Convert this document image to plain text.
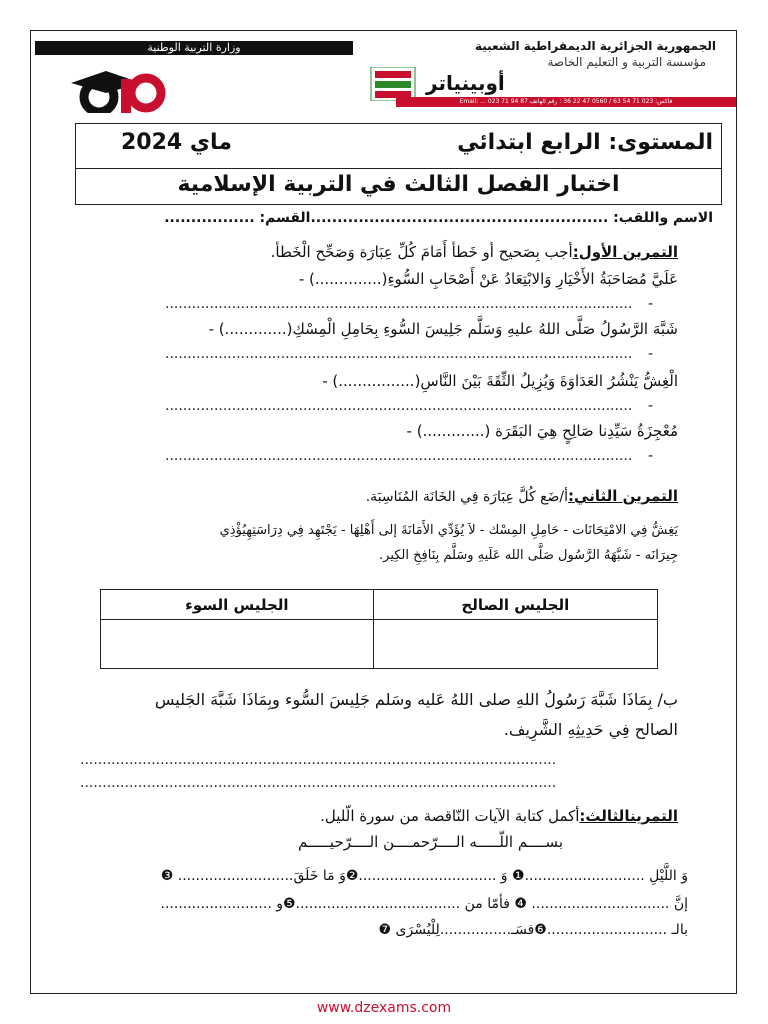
وزارة التربية الوطنية	الجمهورية الجزائرية الديمقراطية الشعبية
مؤسسة التربية و التعليم الخاصة
أوبينياتر
Email: ... 023 71 94 87 فاكس: 023 71 54 63 / 0560 47 22 36 : رقم الهاتف
المستوى: الرابع ابتدائي
ماي 2024
اختبار الفصل الثالث في التربية الإسلامية
الاسم واللقب: ........................................................القسم: .................
التمرين الأول:أجب بِصَحيح أو خَطأ أَمَامَ كُلِّ عِبَارَة وَصَحِّح الْخَطأ.
عَلَيَّ مُصَاحَبَةُ الأَخْيَارِ وَالابْتِعَادُ عَنْ أَصْحَابِ السُّوءِ(..............) -
-
.........................................................................................................
شَبَّهَ الرَّسُولُ صَلَّى اللهُ عليهِ وَسَلَّم جَلِيسَ السُّوءِ بِحَامِلِ الْمِسْكِ(.............) -
-
.........................................................................................................
الْغِشُّ يَنْشُرُ العَدَاوَةَ وَيُزِيلُ الثِّقَةَ بَيْنَ النَّاسِ(................) -
-
.........................................................................................................
مُعْجِزَةُ سَيِّدِنا صَالِحٍ هِيَ البَقَرَة (.............) -
-
.........................................................................................................
التمرين الثاني:أ/ضَع كُلَّ عِبَارَة فِي الخَانَة المُنَاسِبَة.
يَغِشُّ فِي الامْتِحَانَات - حَامِلِ المِسْك - لاَ يُؤَدِّي الأَمَانَةَ إلى أَهْلِهَا - يَجْتَهِد فِي دِرَاسَتِهِيُؤْذِي
جِيرَانَه - شَبَّهَهُ الرَّسُول صَلَّى الله عَلَيهِ وسَلَّم بِنَافِخِ الكِير.
الجليس السوء	الجليس الصالح

ب/ بِمَاذَا شَبَّهَ رَسُولُ اللهِ صلى اللهُ عَليه وسَلم جَلِيسَ السُّوء وبِمَاذَا شَبَّهَ الجَليس
الصالح فِي حَدِيثِهِ الشَّرِيف.
...........................................................................................................
...........................................................................................................
التمرينالثالث:أكمل كتابة الآيات النّاقصة من سورة الّليل.
بســــم اللّـــــه الــــرّحمــــن الــــرّحيـــــم
وَ اللَّيْلِ ...........................❶ وَ ...............................❷وَ مَا خَلَقَ.......................... ❸
إنَّ ............................... ❹ فأمّا من .....................................❺و .........................
بالـ ...........................❻فسَـ................لِلْيُسْرَى ❼
www.dzexams.com
